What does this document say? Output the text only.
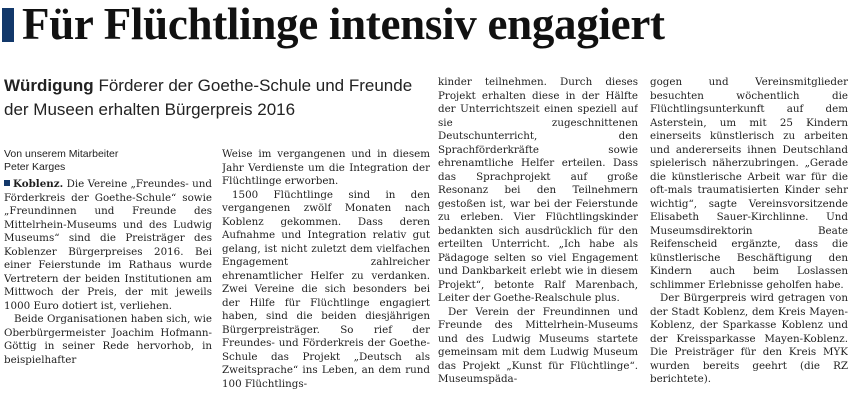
Für Flüchtlinge intensiv engagiert
Würdigung Förderer der Goethe-Schule und Freunde der Museen erhalten Bürgerpreis 2016
Von unserem Mitarbeiter
Peter Karges

Koblenz. Die Vereine „Freundes- und Förderkreis der Goethe-Schule“ sowie „Freundinnen und Freunde des Mittelrhein-Museums und des Ludwig Museums“ sind die Preisträger des Koblenzer Bürgerpreises 2016. Bei einer Feierstunde im Rathaus wurde Vertretern der beiden Institutionen am Mittwoch der Preis, der mit jeweils 1000 Euro dotiert ist, verliehen.

Beide Organisationen haben sich, wie Oberbürgermeister Joachim Hofmann-Göttig in seiner Rede hervorhob, in beispielhafter

Weise im vergangenen und in diesem Jahr Verdienste um die Integration der Flüchtlinge erworben.

1500 Flüchtlinge sind in den vergangenen zwölf Monaten nach Koblenz gekommen. Dass deren Aufnahme und Integration relativ gut gelang, ist nicht zuletzt dem vielfachen Engagement zahlreicher ehrenamtlicher Helfer zu verdanken. Zwei Vereine die sich besonders bei der Hilfe für Flüchtlinge engagiert haben, sind die beiden diesjährigen Bürgerpreisträger. So rief der Freundes- und Förderkreis der Goethe-Schule das Projekt „Deutsch als Zweitsprache“ ins Leben, an dem rund 100 Flüchtlings-

kinder teilnehmen. Durch dieses Projekt erhalten diese in der Hälfte der Unterrichtszeit einen speziell auf sie zugeschnittenen Deutschunterricht, den Sprachförderkräfte sowie ehrenamtliche Helfer erteilen. Dass das Sprachprojekt auf große Resonanz bei den Teilnehmern gestoßen ist, war bei der Feierstunde zu erleben. Vier Flüchtlingskinder bedankten sich ausdrücklich für den erteilten Unterricht. „Ich habe als Pädagoge selten so viel Engagement und Dankbarkeit erlebt wie in diesem Projekt“, betonte Ralf Marenbach, Leiter der Goethe-Realschule plus.

Der Verein der Freundinnen und Freunde des Mittelrhein-Museums und des Ludwig Museums startete gemeinsam mit dem Ludwig Museum das Projekt „Kunst für Flüchtlinge“. Museumspäda-

gogen und Vereinsmitglieder besuchten wöchentlich die Flüchtlingsunterkunft auf dem Asterstein, um mit 25 Kindern einerseits künstlerisch zu arbeiten und andererseits ihnen Deutschland spielerisch näherzubringen. „Gerade die künstlerische Arbeit war für die oft-mals traumatisierten Kinder sehr wichtig“, sagte Vereinsvorsitzende Elisabeth Sauer-Kirchlinne. Und Museumsdirektorin Beate Reifenscheid ergänzte, dass die künstlerische Beschäftigung den Kindern auch beim Loslassen schlimmer Erlebnisse geholfen habe.

Der Bürgerpreis wird getragen von der Stadt Koblenz, dem Kreis Mayen-Koblenz, der Sparkasse Koblenz und der Kreissparkasse Mayen-Koblenz. Die Preisträger für den Kreis MYK wurden bereits geehrt (die RZ berichtete).
